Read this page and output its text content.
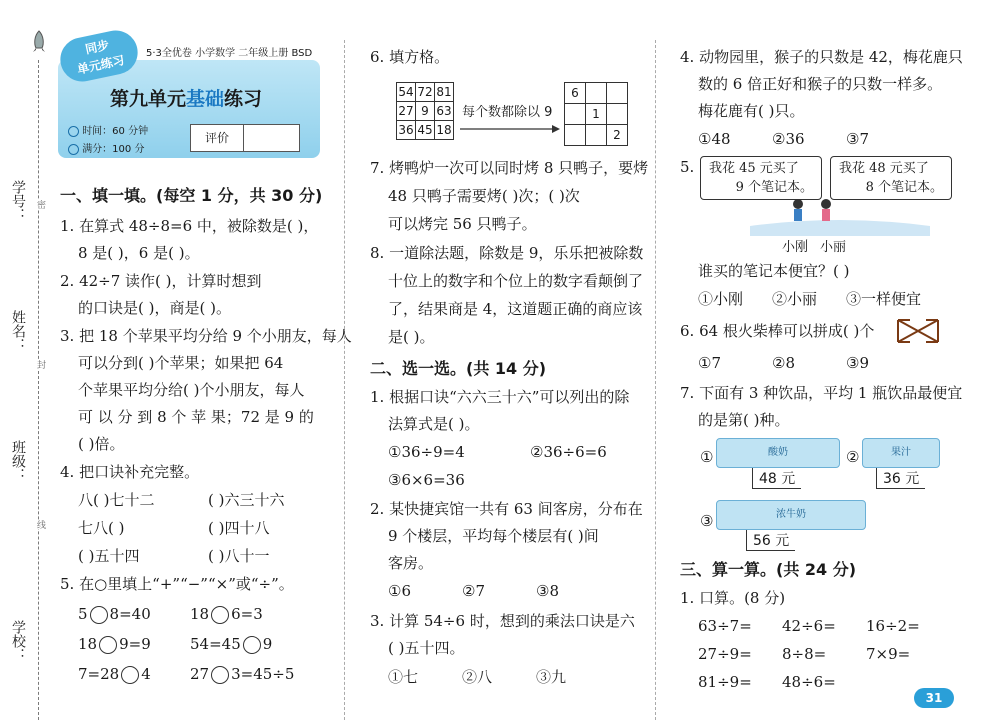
学号： 密
姓名：
封
班级：
线
学校：
同步
单元练习	5·3全优卷 小学数学 二年级上册 BSD
第九单元基础练习
时间：60 分钟
满分：100 分
评价
一、填一填。(每空 1 分，共 30 分)
1. 在算式 48÷8=6 中，被除数是( )，
8 是( )，6 是( )。
2. 42÷7 读作( )，计算时想到
的口诀是( )，商是( )。
3. 把 18 个苹果平均分给 9 个小朋友，每人
可以分到( )个苹果；如果把 64
个苹果平均分给( )个小朋友，每人
可 以 分 到 8 个 苹 果；72 是 9 的
( )倍。
4. 把口诀补充完整。
八( )七十二	( )六三十六
七八( )	( )四十八
( )五十四	( )八十一
5. 在○里填上“+”“−”“×”或“÷”。
5 8=40	18 6=3
18 9=9	54=45 9
7=28 4	27 3=45÷5
6. 填方格。
54	72	81
27	9	63
36	45	18
每个数都除以 9
6		
	1	
		2
7. 烤鸭炉一次可以同时烤 8 只鸭子，要烤
48 只鸭子需要烤( )次；( )次
可以烤完 56 只鸭子。
8. 一道除法题，除数是 9，乐乐把被除数
十位上的数字和个位上的数字看颠倒了
了，结果商是 4，这道题正确的商应该
是( )。
二、选一选。(共 14 分)
1. 根据口诀“六六三十六”可以列出的除
法算式是( )。
①36÷9=4	②36÷6=6
③6×6=36
2. 某快捷宾馆一共有 63 间客房，分布在
9 个楼层，平均每个楼层有( )间
客房。
①6	②7	③8
3. 计算 54÷6 时，想到的乘法口诀是六
( )五十四。
①七	②八	③九
4. 动物园里，猴子的只数是 42，梅花鹿只
数的 6 倍正好和猴子的只数一样多。
梅花鹿有( )只。
①48	②36	③7
5. 我花 45 元买了
9 个笔记本。
我花 48 元买了
8 个笔记本。
小刚 小丽
谁买的笔记本便宜？( )
①小刚 ②小丽 ③一样便宜
6. 64 根火柴棒可以拼成( )个
①7	②8	③9
7. 下面有 3 种饮品，平均 1 瓶饮品最便宜
的是第( )种。
①	酸奶
48 元
②	果汁
36 元
③	浓牛奶
56 元
三、算一算。(共 24 分)
1. 口算。(8 分)
63÷7= 42÷6= 16÷2=
27÷9= 8÷8=	7×9=
81÷9= 48÷6=
31
